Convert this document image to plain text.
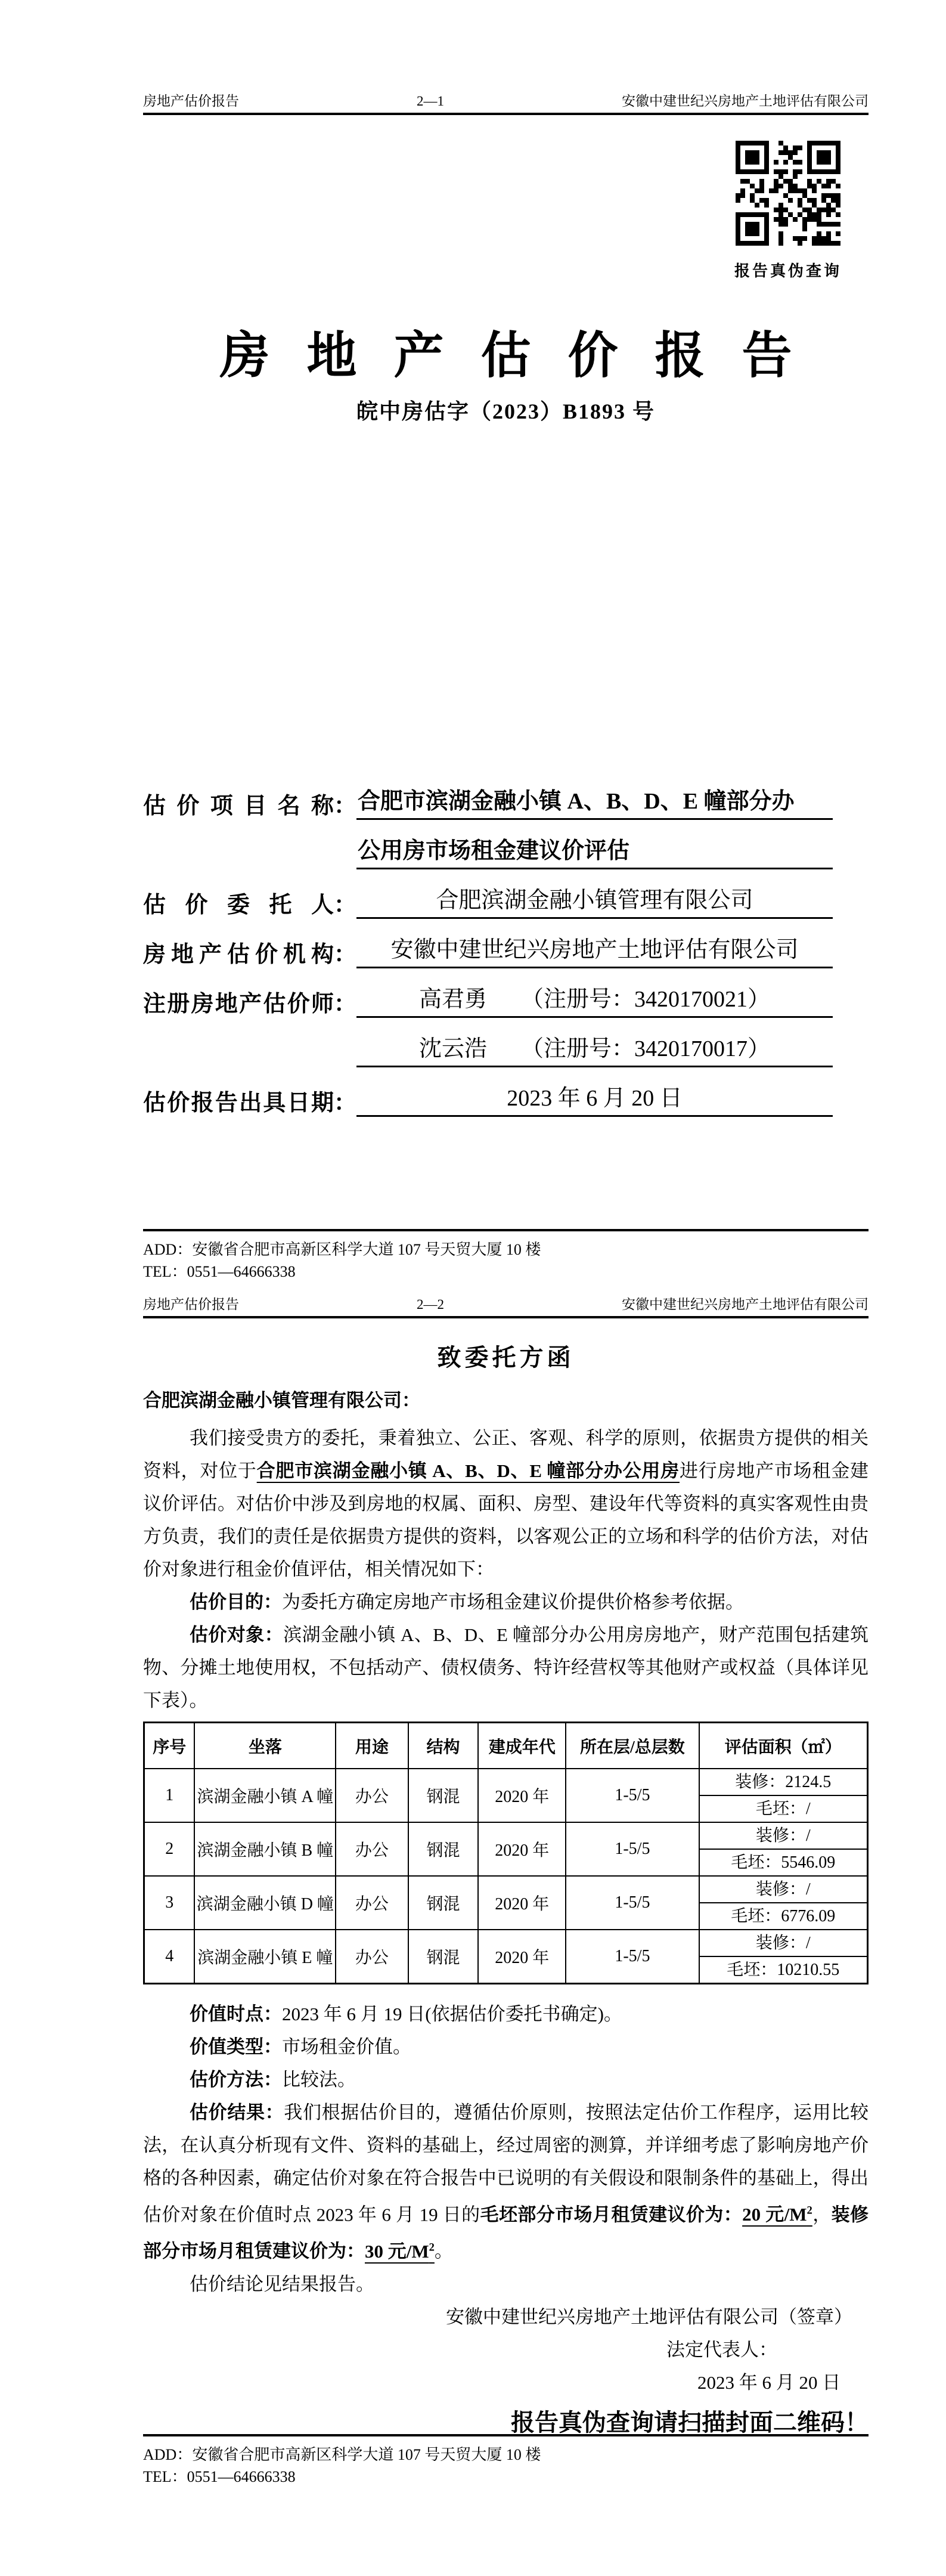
房地产估价报告	2—1	安徽中建世纪兴房地产土地评估有限公司
房地产估价报告
皖中房估字（2023）B1893 号
估价项目名称 ： 合肥市滨湖金融小镇 A、B、D、E 幢部分办
公用房市场租金建议价评估
估价委托人 ：	合肥滨湖金融小镇管理有限公司
房地产估价机构 ：	安徽中建世纪兴房地产土地评估有限公司
注册房地产估价师 ：	高君勇　　（注册号：3420170021）
沈云浩　　（注册号：3420170017）
估价报告出具日期 ：	2023 年 6 月 20 日
报告真伪查询
ADD：安徽省合肥市高新区科学大道 107 号天贸大厦 10 楼
TEL：0551—64666338
房地产估价报告	2—2	安徽中建世纪兴房地产土地评估有限公司
致委托方函
合肥滨湖金融小镇管理有限公司：

我们接受贵方的委托，秉着独立、公正、客观、科学的原则，依据贵方提供的相关资料，对位于合肥市滨湖金融小镇 A、B、D、E 幢部分办公用房进行房地产市场租金建议价评估。对估价中涉及到房地的权属、面积、房型、建设年代等资料的真实客观性由贵方负责，我们的责任是依据贵方提供的资料，以客观公正的立场和科学的估价方法，对估价对象进行租金价值评估，相关情况如下：

估价目的：为委托方确定房地产市场租金建议价提供价格参考依据。

估价对象：滨湖金融小镇 A、B、D、E 幢部分办公用房房地产，财产范围包括建筑物、分摊土地使用权，不包括动产、债权债务、特许经营权等其他财产或权益（具体详见下表）。

序号	坐落	用途	结构	建成年代	所在层/总层数	评估面积（㎡）
1	滨湖金融小镇 A 幢	办公	钢混	2020 年	1-5/5	装修：2124.5
毛坯：/

2	滨湖金融小镇 B 幢	办公	钢混	2020 年	1-5/5	装修：/
毛坯：5546.09

3	滨湖金融小镇 D 幢	办公	钢混	2020 年	1-5/5	装修：/
毛坯：6776.09

4	滨湖金融小镇 E 幢	办公	钢混	2020 年	1-5/5	装修：/
毛坯：10210.55

价值时点：2023 年 6 月 19 日(依据估价委托书确定)。

价值类型：市场租金价值。

估价方法：比较法。

估价结果：我们根据估价目的，遵循估价原则，按照法定估价工作程序，运用比较法，在认真分析现有文件、资料的基础上，经过周密的测算，并详细考虑了影响房地产价格的各种因素，确定估价对象在符合报告中已说明的有关假设和限制条件的基础上，得出估价对象在价值时点 2023 年 6 月 19 日的毛坯部分市场月租赁建议价为：20 元$/M^2$，装修部分市场月租赁建议价为：30 元$/M^2$。

估价结论见结果报告。

安徽中建世纪兴房地产土地评估有限公司（签章）
法定代表人：
2023 年 6 月 20 日
报告真伪查询请扫描封面二维码！
ADD：安徽省合肥市高新区科学大道 107 号天贸大厦 10 楼
TEL：0551—64666338
